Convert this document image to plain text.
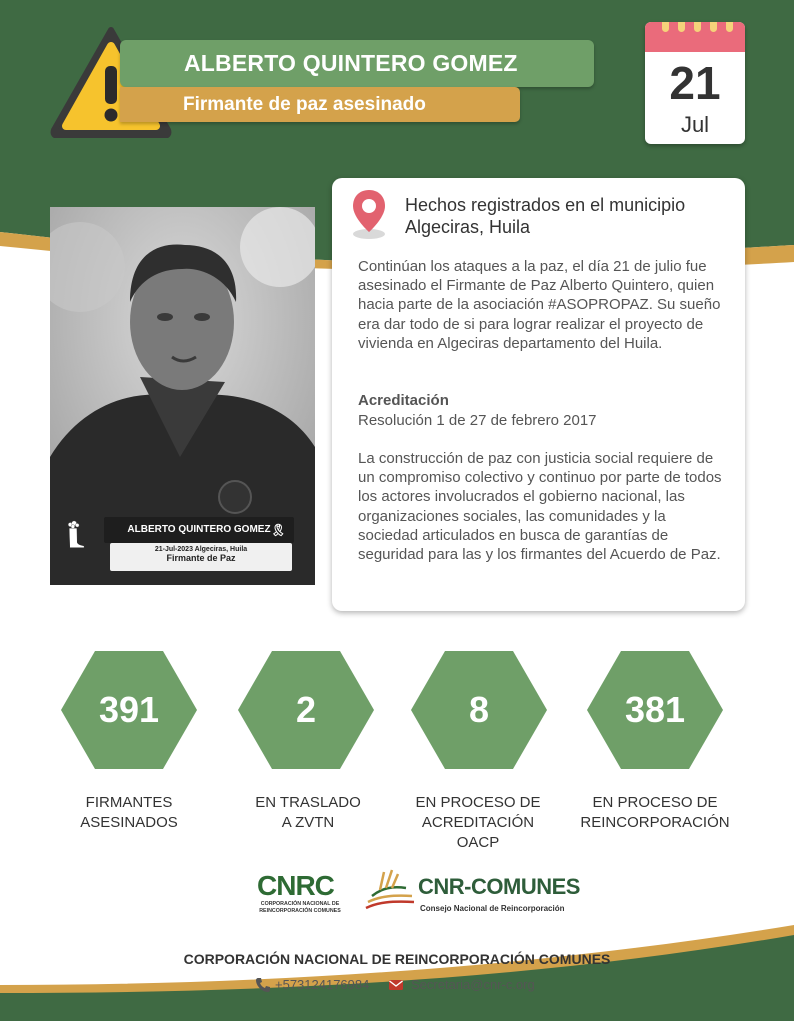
ALBERTO QUINTERO GOMEZ
Firmante de paz asesinado	21
Jul
ALBERTO QUINTERO GOMEZ 🎗
21-Jul-2023 Algeciras, Huila
Firmante de Paz
Hechos registrados en el municipio Algeciras, Huila
Continúan los ataques a la paz, el día 21 de julio fue asesinado el Firmante de Paz Alberto Quintero, quien hacia parte de la asociación #ASOPROPAZ. Su sueño era dar todo de si para lograr realizar el proyecto de vivienda en Algeciras departamento del Huila.
Acreditación
Resolución 1 de 27 de febrero 2017
La construcción de paz con justicia social requiere de un compromiso colectivo y continuo por parte de todos los actores involucrados el gobierno nacional, las organizaciones sociales, las comunidades y la sociedad articulados en busca de garantías de seguridad para las y los firmantes del Acuerdo de Paz.
391
FIRMANTES ASESINADOS
2
EN TRASLADO A ZVTN
8
EN PROCESO DE ACREDITACIÓN OACP
381
EN PROCESO DE REINCORPORACIÓN
CNRC
CORPORACIÓN NACIONAL DE REINCORPORACIÓN COMUNES
CNR-COMUNES
Consejo Nacional de Reincorporación
CORPORACIÓN NACIONAL DE REINCORPORACIÓN COMUNES
+573124176984	Secretaria@cnr-c.org
